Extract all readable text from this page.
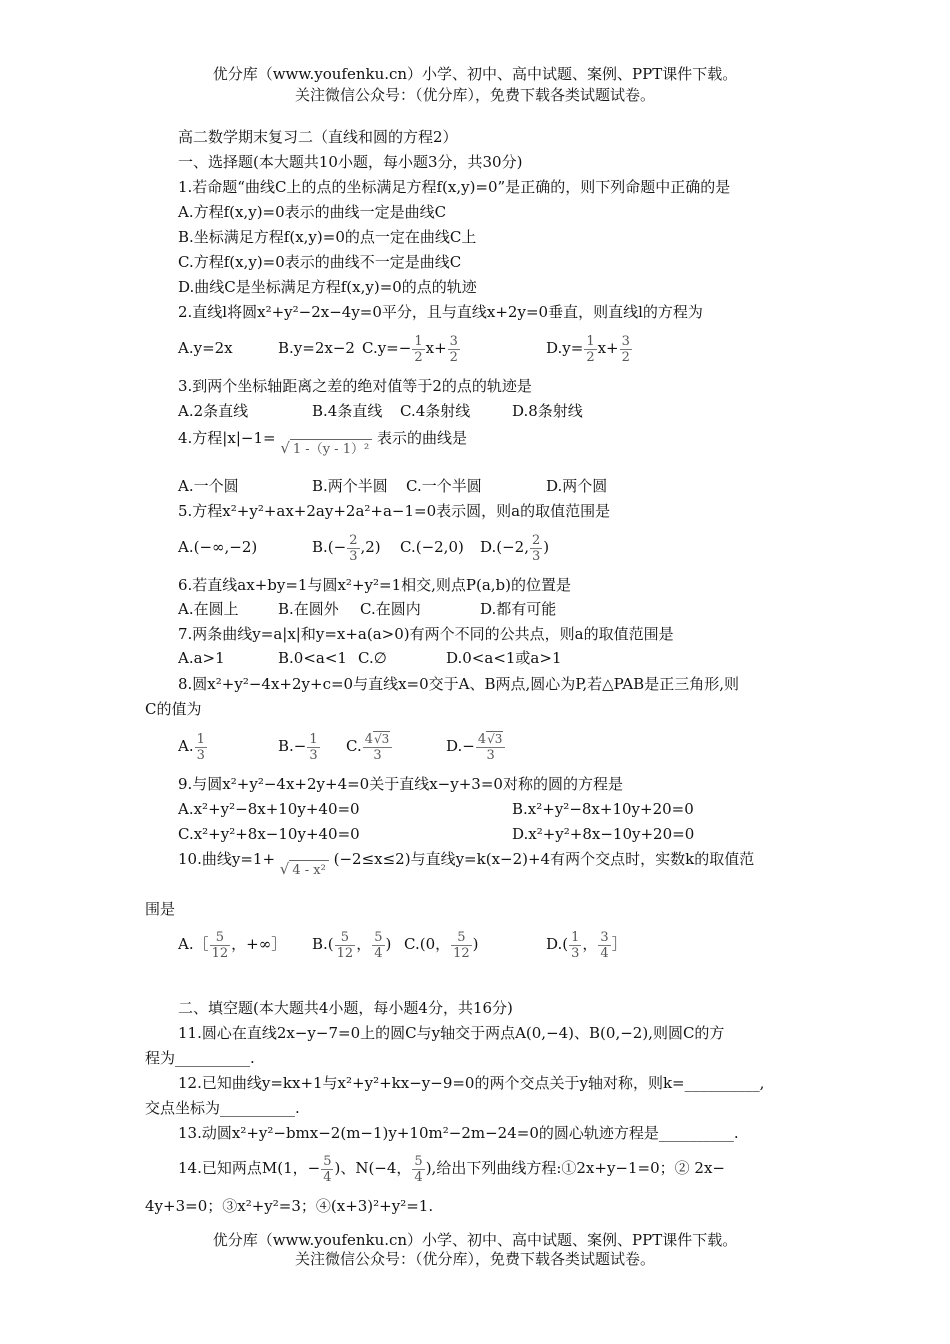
优分库（www.youfenku.cn）小学、初中、高中试题、案例、PPT课件下载。
关注微信公众号：（优分库），免费下载各类试题试卷。
高二数学期末复习二（直线和圆的方程2）
一、选择题(本大题共10小题，每小题3分，共30分)
1.若命题“曲线C上的点的坐标满足方程f(x,y)=0”是正确的，则下列命题中正确的是
A.方程f(x,y)=0表示的曲线一定是曲线C
B.坐标满足方程f(x,y)=0的点一定在曲线C上
C.方程f(x,y)=0表示的曲线不一定是曲线C
D.曲线C是坐标满足方程f(x,y)=0的点的轨迹
2.直线l将圆x²+y²−2x−4y=0平分，且与直线x+2y=0垂直，则直线l的方程为
A.y=2x	B.y=2x−2 $C.y=- \frac{1}{2} x+ \frac{3}{2}$	$D.y= \frac{1}{2} x+ \frac{3}{2}$
3.到两个坐标轴距离之差的绝对值等于2的点的轨迹是
A.2条直线	B.4条直线 C.4条射线	D.8条射线
4.方程|x|−1= √ 1 -（y - 1）² 表示的曲线是
A.一个圆	B.两个半圆 C.一个半圆	D.两个圆
5.方程x²+y²+ax+2ay+2a²+a−1=0表示圆，则a的取值范围是
A.(−∞,−2)	$B.(- \frac{2}{3} ,2)$ C.(−2,0) D.(−2, $\frac{2}{3}$ )
6.若直线ax+by=1与圆x²+y²=1相交,则点P(a,b)的位置是
A.在圆上	B.在圆外 C.在圆内	D.都有可能
7.两条曲线y=a|x|和y=x+a(a>0)有两个不同的公共点，则a的取值范围是
A.a>1	B.0<a<1 C.∅	D.0<a<1或a>1
8.圆x²+y²−4x+2y+c=0与直线x=0交于A、B两点,圆心为P,若△PAB是正三角形,则
C的值为
A. $\frac{1}{3}$	$B.- \frac{1}{3} C$. $\frac{4√3}{3}$	$D.- \frac{4√3}{3}$
9.与圆x²+y²−4x+2y+4=0关于直线x−y+3=0对称的圆的方程是
A.x²+y²−8x+10y+40=0	B.x²+y²−8x+10y+20=0
C.x²+y²+8x−10y+40=0	D.x²+y²+8x−10y+20=0
10.曲线y=1+ √ 4 - x² (−2≤x≤2)与直线y=k(x−2)+4有两个交点时，实数k的取值范
围是
A.［ $\frac{5}{12}$ ，+∞］ $B.( \frac{5}{12}$ ， $\frac{5}{4}$ ) C.(0， $\frac{5}{12}$ )	$D.( \frac{1}{3}$ ， $\frac{3}{4}$ ］
二、填空题(本大题共4小题，每小题4分，共16分)
11.圆心在直线2x−y−7=0上的圆C与y轴交于两点A(0,−4)、B(0,−2),则圆C的方
程为__________.
12.已知曲线y=kx+1与x²+y²+kx−y−9=0的两个交点关于y轴对称，则k=__________,
交点坐标为__________.
13.动圆x²+y²−bmx−2(m−1)y+10m²−2m−24=0的圆心轨迹方程是__________.
14.已知两点M(1，− $\frac{5}{4}$ )、N(−4， $\frac{5}{4}$ ),给出下列曲线方程:①2x+y−1=0；② 2x−
4y+3=0；③x²+y²=3；④(x+3)²+y²=1.
优分库（www.youfenku.cn）小学、初中、高中试题、案例、PPT课件下载。
关注微信公众号：（优分库），免费下载各类试题试卷。
